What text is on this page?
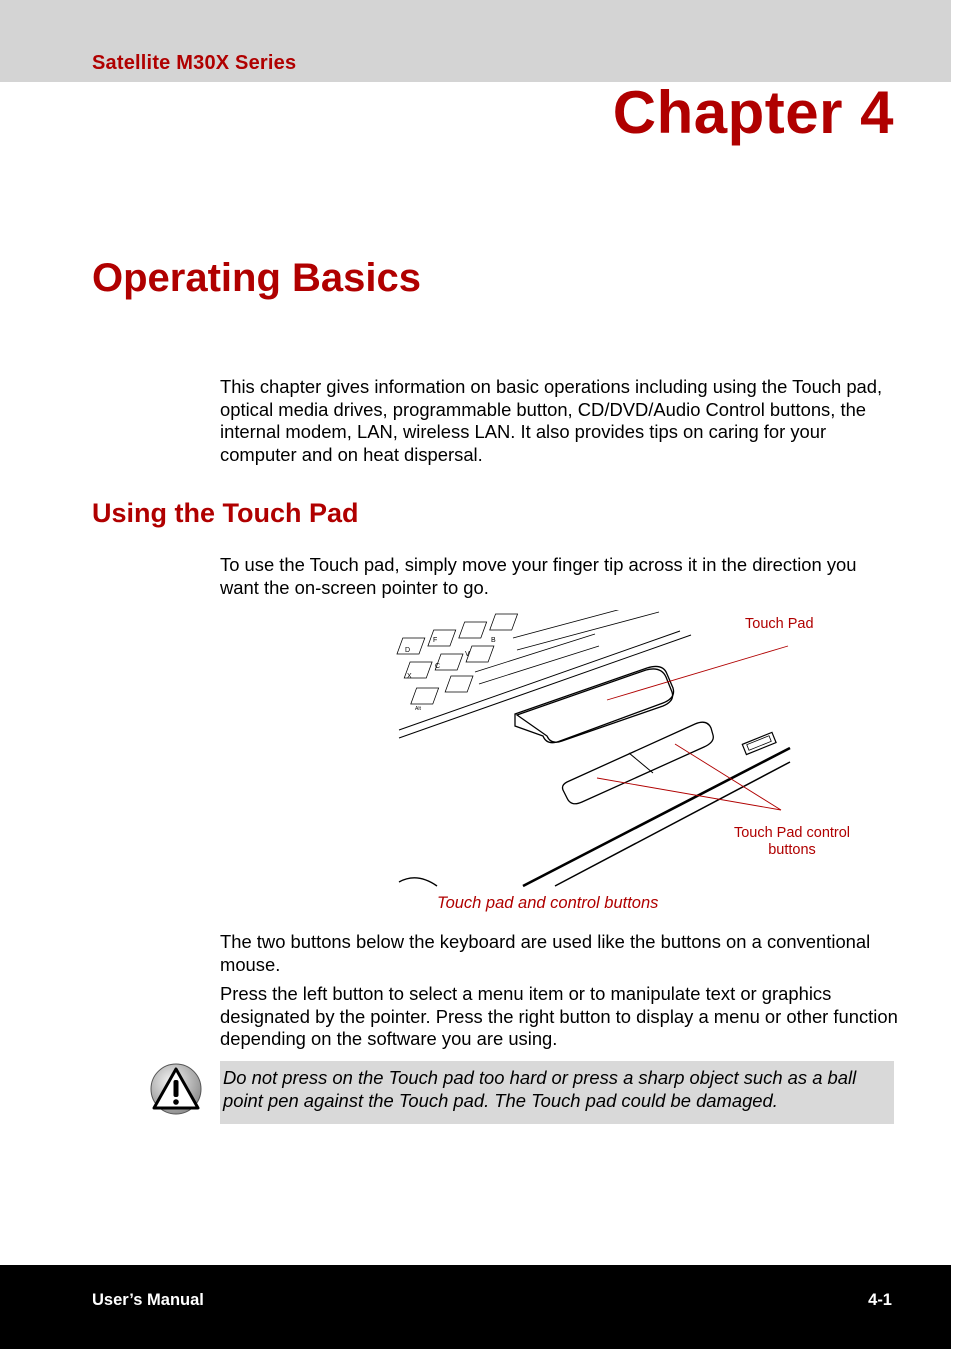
Satellite M30X Series
Chapter 4
Operating Basics
This chapter gives information on basic operations including using the Touch pad, optical media drives, programmable button, CD/DVD/Audio Control buttons, the internal modem, LAN, wireless LAN. It also provides tips on caring for your computer and on heat dispersal.
Using the Touch Pad
To use the Touch pad, simply move your finger tip across it in the direction you want the on-screen pointer to go.
D
F
V
B
X
C
Alt
Touch Pad
Touch Pad control
buttons
Touch pad and control buttons
The two buttons below the keyboard are used like the buttons on a conventional mouse.
Press the left button to select a menu item or to manipulate text or graphics designated by the pointer. Press the right button to display a menu or other function depending on the software you are using.
Do not press on the Touch pad too hard or press a sharp object such as a ball point pen against the Touch pad. The Touch pad could be damaged.
User’s Manual	4-1
